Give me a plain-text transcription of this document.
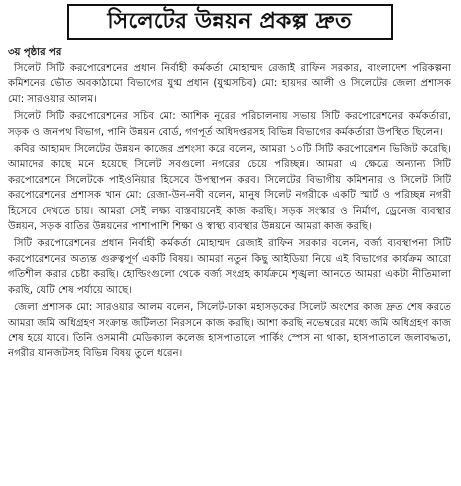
সিলেটের উন্নয়ন প্রকল্প দ্রুত
৩য় পৃষ্ঠার পর

সিলেট সিটি করপোরেশনের প্রধান নির্বাহী কর্মকর্তা মোহাম্মদ রেজাই রাফিন সরকার, বাংলাদেশ পরিকল্পনা কমিশনের ভৌত অবকাঠামো বিভাগের যুগ্ম প্রধান (যুগ্মসচিব) মো: হায়দর আলী ও সিলেটের জেলা প্রশাসক মো: সারওয়ার আলম।

সিলেট সিটি করপোরেশনের সচিব মো: আশিক নূরের পরিচালনায় সভায় সিটি করপোরেশনের কর্মকর্তারা, সড়ক ও জনপথ বিভাগ, পানি উন্নয়ন বোর্ড, গণপূর্ত অধিদপ্তরসহ বিভিন্ন বিভাগের কর্মকর্তারা উপস্থিত ছিলেন।

কবির আহামদ সিলেটের উন্নয়ন কাজের প্রশংসা করে বলেন, আমরা ১০টি সিটি করপোরেশন ভিজিট করেছি। আমাদের কাছে মনে হয়েছে সিলেট সবগুলো নগরের চেয়ে পরিচ্ছন্ন। আমরা এ ক্ষেত্রে অন্যান্য সিটি করপোরেশনে সিলেটকে পাইওনিয়ার হিসেবে উপস্থাপন করব। সিলেটের বিভাগীয় কমিশনার ও সিলেট সিটি করপোরেশনের প্রশাসক খান মো: রেজা-উন-নবী বলেন, মানুষ সিলেট নগরীকে একটি স্মার্ট ও পরিচ্ছন্ন নগরী হিসেবে দেখতে চায়। আমরা সেই লক্ষ্য বাস্তবায়নেই কাজ করছি। সড়ক সংস্কার ও নির্মাণ, ড্রেনেজ ব্যবস্থার উন্নয়ন, সড়ক বাতির উন্নয়নের পাশাপাশি শিক্ষা ও স্বাস্থ্য ব্যবস্থার উন্নয়নে আমরা কাজ করছি।

সিটি করপোরেশনের প্রধান নির্বাহী কর্মকর্তা মোহাম্মদ রেজাই রাফিন সরকার বলেন, বর্জ্য ব্যবস্থাপনা সিটি করপোরেশনের অত্যন্ত গুরুত্বপূর্ণ একটি বিষয়। আমরা নতুন কিছু আইডিয়া নিয়ে এই বিভাগের কার্যক্রম আরো গতিশীল করার চেষ্টা করছি। হোল্ডিংগুলো থেকে বর্জ্য সংগ্রহ কার্যক্রমে শৃঙ্খলা আনতে আমরা একটা নীতিমালা করছি, যেটি শেষ পর্যায়ে আছে।

জেলা প্রশাসক মো: সারওয়ার আলম বলেন, সিলেট-ঢাকা মহাসড়কের সিলেট অংশের কাজ দ্রুত শেষ করতে আমরা জমি অধিগ্রহণ সংক্রান্ত জটিলতা নিরসনে কাজ করছি। আশা করছি নভেম্বরের মধ্যে জমি অধিগ্রহণ কাজ শেষ হয়ে যাবে। তিনি ওসমানী মেডিক্যাল কলেজ হাসপাতালে পার্কিং স্পেস না থাকা, হাসপাতালে জলাবদ্ধতা, নগরীর যানজটসহ বিভিন্ন বিষয় তুলে ধরেন।
